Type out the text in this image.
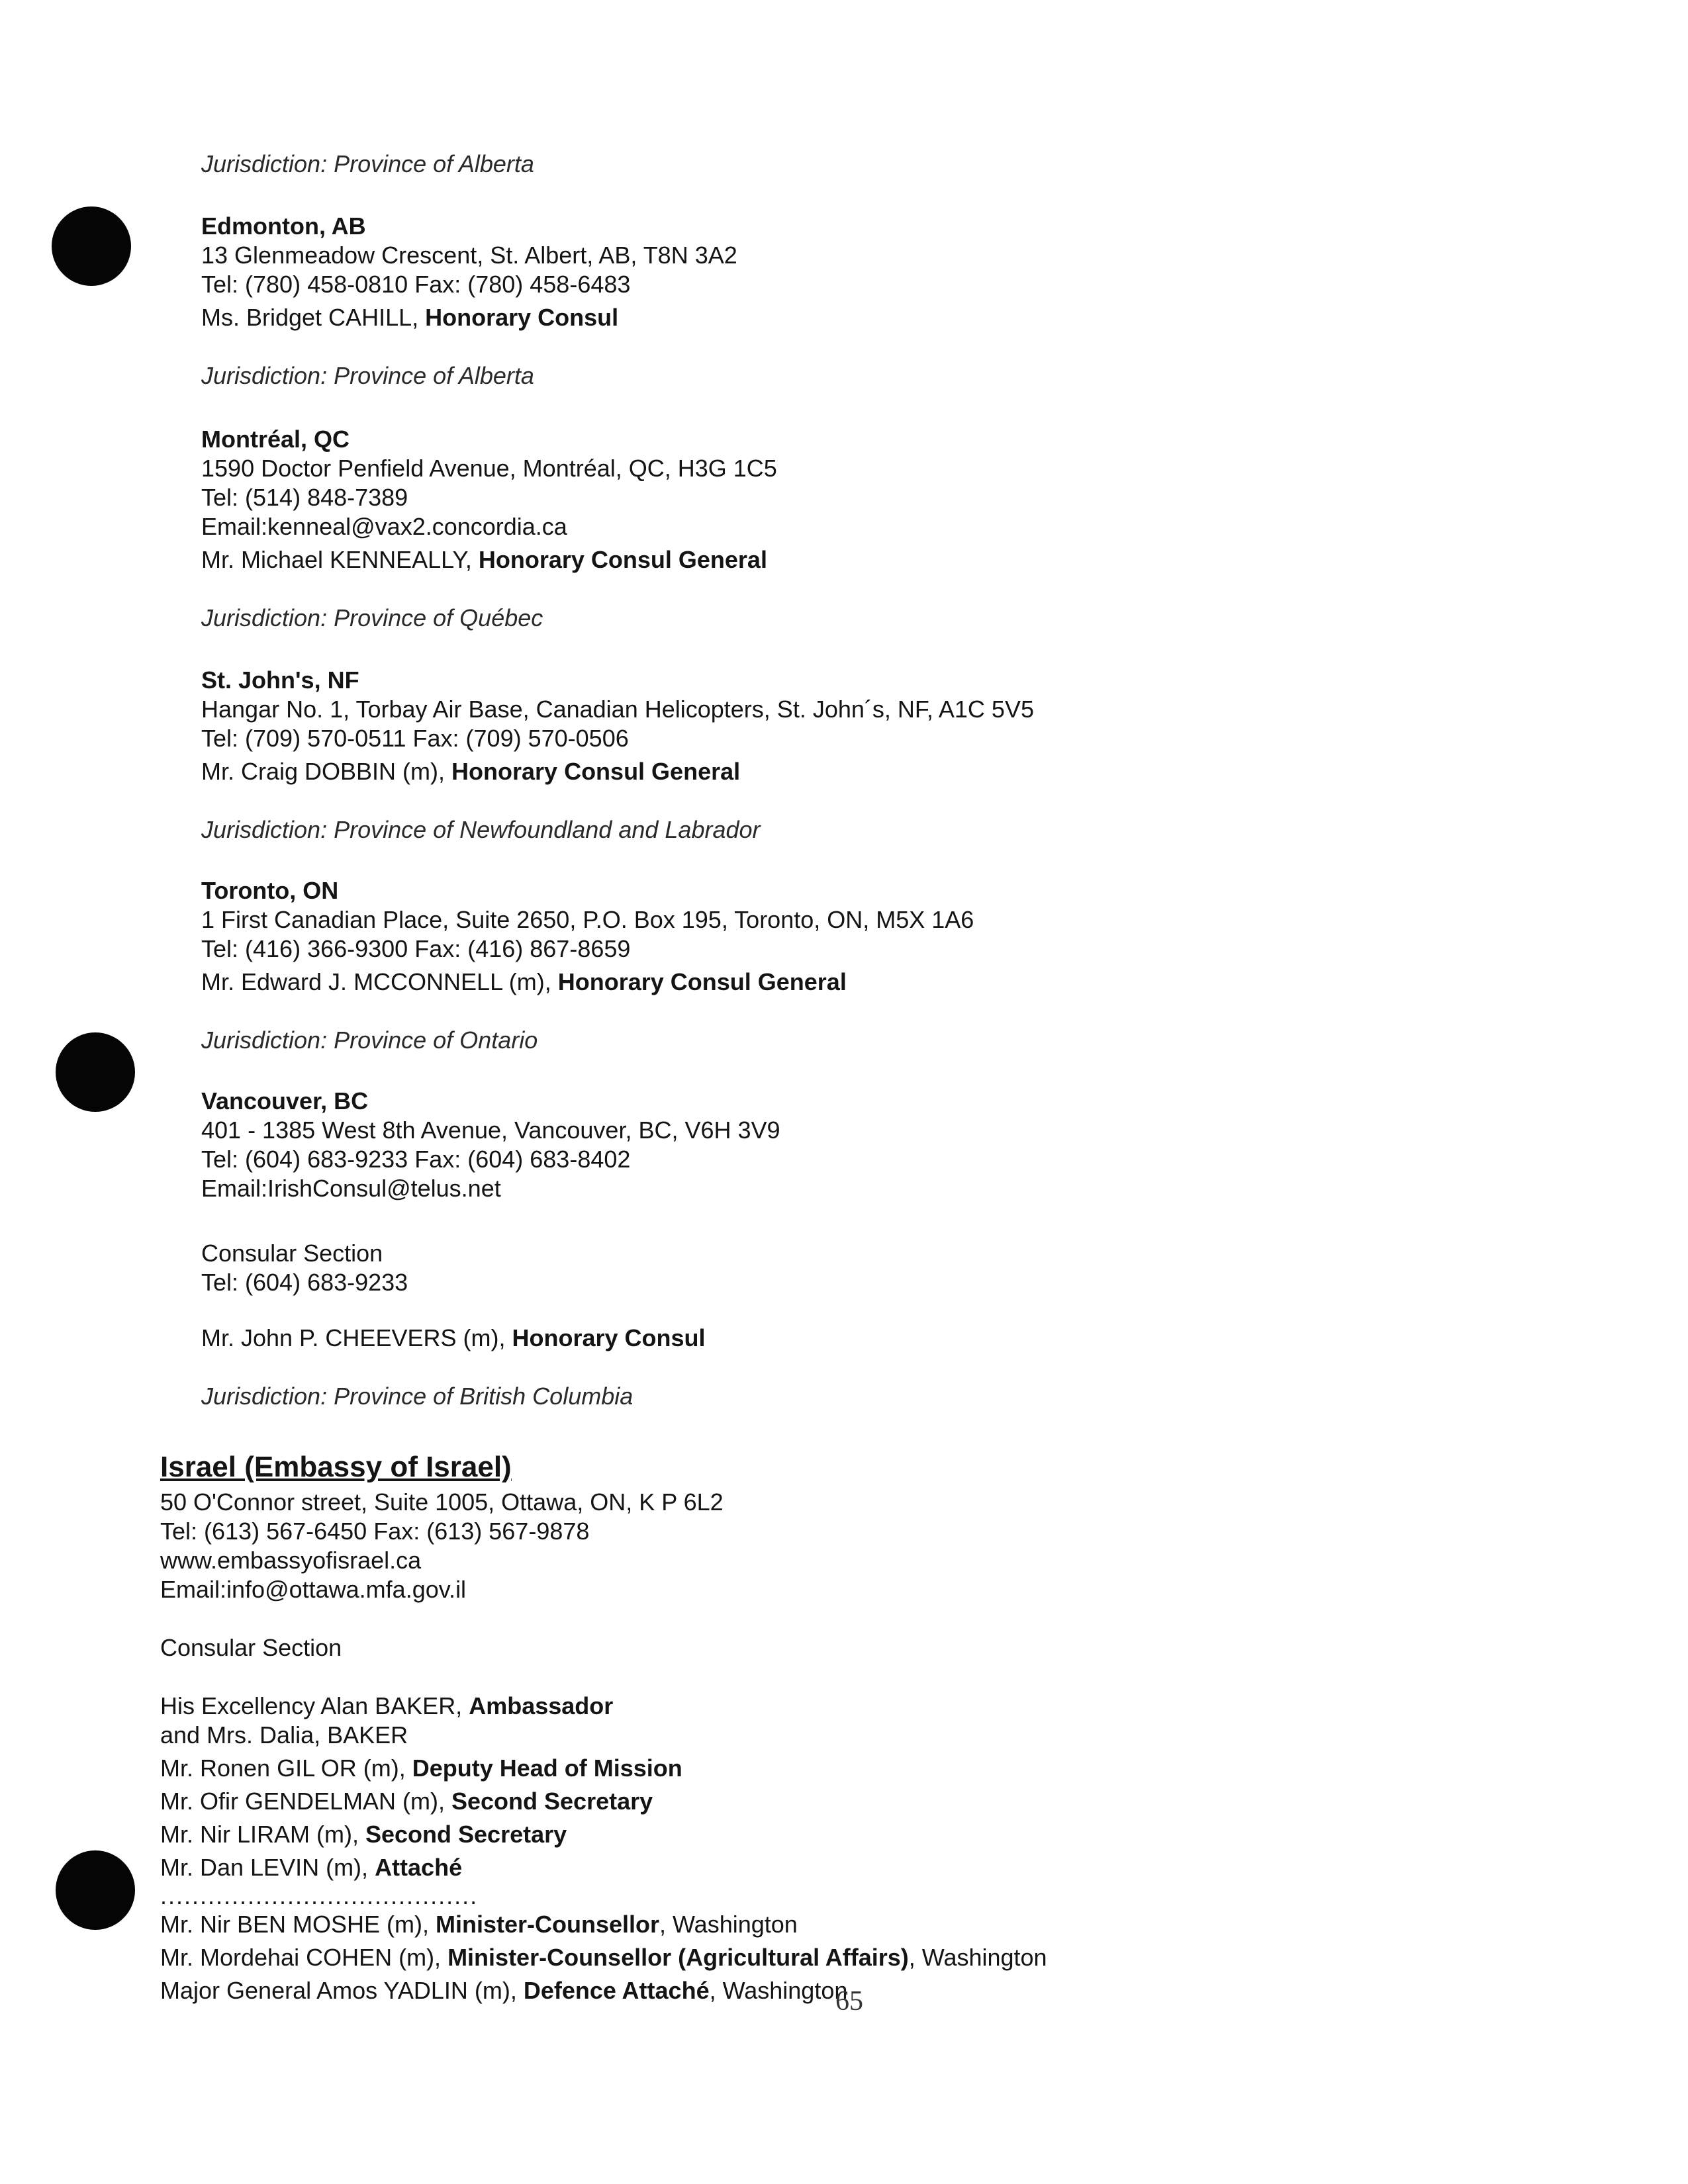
Jurisdiction: Province of Alberta
Edmonton, AB
13 Glenmeadow Crescent, St. Albert, AB, T8N 3A2
Tel: (780) 458-0810 Fax: (780) 458-6483
Ms. Bridget CAHILL, Honorary Consul
Jurisdiction: Province of Alberta
Montréal, QC
1590 Doctor Penfield Avenue, Montréal, QC, H3G 1C5
Tel: (514) 848-7389
Email:kenneal@vax2.concordia.ca
Mr. Michael KENNEALLY, Honorary Consul General
Jurisdiction: Province of Québec
St. John's, NF
Hangar No. 1, Torbay Air Base, Canadian Helicopters, St. John´s, NF, A1C 5V5
Tel: (709) 570-0511 Fax: (709) 570-0506
Mr. Craig DOBBIN (m), Honorary Consul General
Jurisdiction: Province of Newfoundland and Labrador
Toronto, ON
1 First Canadian Place, Suite 2650, P.O. Box 195, Toronto, ON, M5X 1A6
Tel: (416) 366-9300 Fax: (416) 867-8659
Mr. Edward J. MCCONNELL (m), Honorary Consul General
Jurisdiction: Province of Ontario
Vancouver, BC
401 - 1385 West 8th Avenue, Vancouver, BC, V6H 3V9
Tel: (604) 683-9233 Fax: (604) 683-8402
Email:IrishConsul@telus.net
Consular Section
Tel: (604) 683-9233
Mr. John P. CHEEVERS (m), Honorary Consul
Jurisdiction: Province of British Columbia
Israel (Embassy of Israel)
50 O'Connor street, Suite 1005, Ottawa, ON, K P 6L2
Tel: (613) 567-6450 Fax: (613) 567-9878
www.embassyofisrael.ca
Email:info@ottawa.mfa.gov.il
Consular Section
His Excellency Alan BAKER, Ambassador
and Mrs. Dalia, BAKER
Mr. Ronen GIL OR (m), Deputy Head of Mission
Mr. Ofir GENDELMAN (m), Second Secretary
Mr. Nir LIRAM (m), Second Secretary
Mr. Dan LEVIN (m), Attaché
........................................
Mr. Nir BEN MOSHE (m), Minister-Counsellor, Washington
Mr. Mordehai COHEN (m), Minister-Counsellor (Agricultural Affairs), Washington
Major General Amos YADLIN (m), Defence Attaché, Washington
65
